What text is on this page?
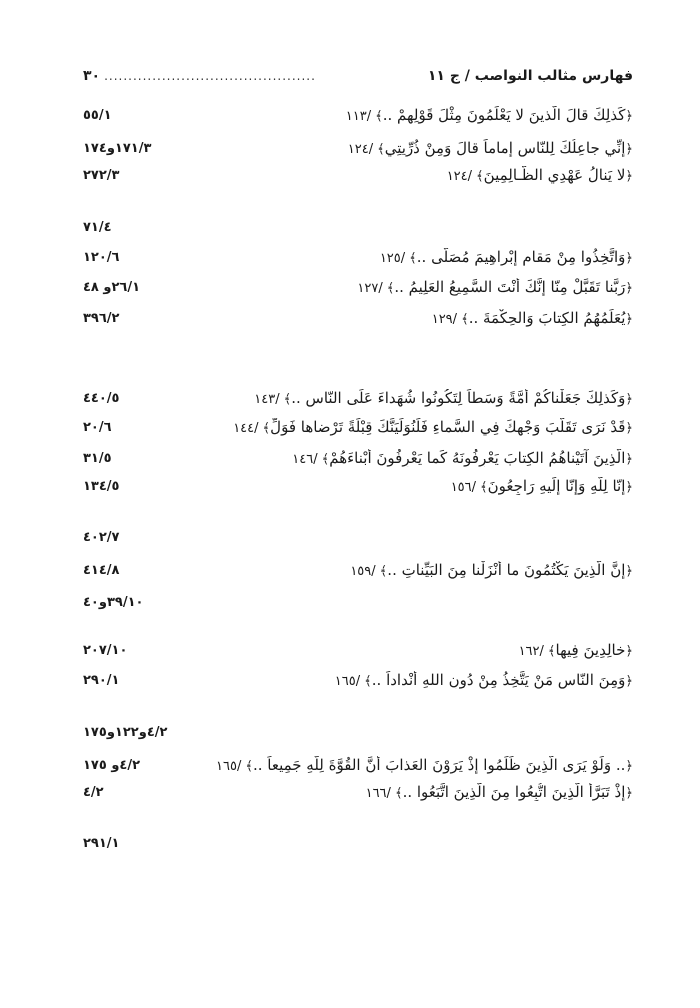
فهارس مثالب النواصب / ج ١١
............................................
٣٠
﴿كَذلِكَ قالَ الَّذينَ لا يَعْلَمُونَ مِثْلَ قَوْلِهِمْ ..﴾/١١٣
٥٥/١
﴿إنِّي جاعِلُكَ لِلنّاسِ إماماً قالَ وَمِنْ ذُرِّيتِي﴾/١٢٤
١٧١/٣و١٧٤
﴿لا يَنالُ عَهْدِي الظّـالِمِينَ﴾/١٢٤
٢٧٢/٣
٧١/٤
﴿وَاتَّخِذُوا مِنْ مَقامِ إبْراهِيمَ مُصَلّى ..﴾/١٢٥
١٢٠/٦
﴿رَبَّنا تَقَبَّلْ مِنّا إنَّكَ أنْتَ السَّمِيعُ العَلِيمُ ..﴾/١٢٧
٢٦/١و ٤٨
﴿يُعَلِّمُهُمُ الكِتابَ وَالحِكْمَةَ ..﴾/١٢٩
٣٩٦/٢
﴿وَكَذلِكَ جَعَلْناكُمْ أُمَّةً وَسَطاً لِتَكُونُوا شُهَداءَ عَلَى النّاسِ ..﴾/١٤٣
٤٤٠/٥
﴿قَدْ نَرَى تَقَلُّبَ وَجْهِكَ فِي السَّماءِ فَلَنُوَلِّيَنَّكَ قِبْلَةً تَرْضاها فَوَلِّ﴾/١٤٤
٢٠/٦
﴿الَّذِينَ آتَيْناهُمُ الكِتابَ يَعْرِفُونَهُ كَما يَعْرِفُونَ أبْناءَهُمْ﴾/١٤٦
٣١/٥
﴿إنّا لِلّهِ وَإنّا إلَيهِ رَاجِعُونَ﴾/١٥٦
١٣٤/٥
٤٠٢/٧
﴿إنَّ الَّذِينَ يَكْتُمُونَ ما أنْزَلْنا مِنَ البَيِّناتِ ..﴾/١٥٩
٤١٤/٨
٣٩/١٠و٤٠
﴿خالِدِينَ فِيها﴾/١٦٢
٢٠٧/١٠
﴿وَمِنَ النّاسِ مَنْ يَتَّخِذُ مِنْ دُونِ اللهِ أنْداداً ..﴾/١٦٥
٢٩٠/١
٤/٢و١٢٢و١٧٥
﴿.. وَلَوْ يَرَى الَّذِينَ ظَلَمُوا إذْ يَرَوْنَ العَذابَ أنَّ القُوَّةَ لِلّهِ جَمِيعاً ..﴾/١٦٥
٤/٢و ١٧٥
﴿إذْ تَبَرَّأَ الَّذِينَ اتُّبِعُوا مِنَ الَّذِينَ اتَّبَعُوا ..﴾/١٦٦
٤/٢
٢٩١/١
